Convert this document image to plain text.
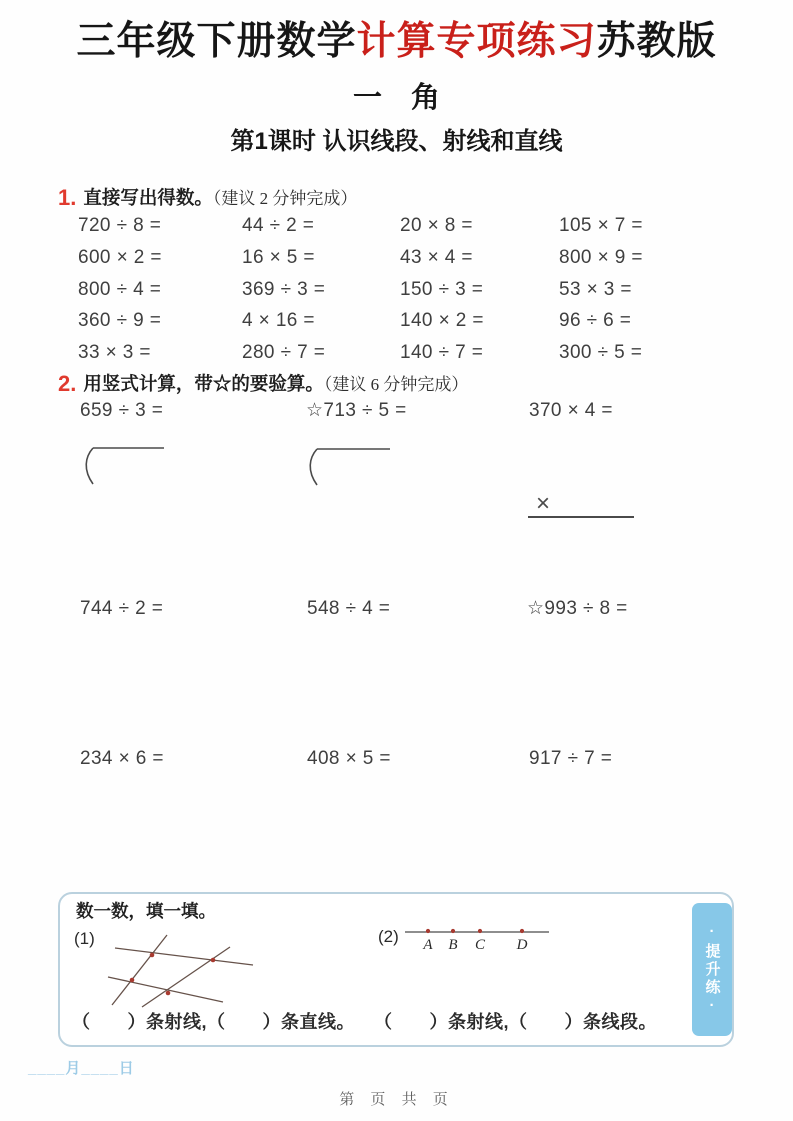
三年级下册数学计算专项练习苏教版
一　角
第1课时 认识线段、射线和直线
1. 直接写出得数。（建议 2 分钟完成）
720 ÷ 8 =	44 ÷ 2 =	20 × 8 =	105 × 7 =
600 × 2 =	16 × 5 =	43 × 4 =	800 × 9 =
800 ÷ 4 =	369 ÷ 3 =	150 ÷ 3 =	53 × 3 =
360 ÷ 9 =	4 × 16 =	140 × 2 =	96 ÷ 6 =
33 × 3 =	280 ÷ 7 =	140 ÷ 7 =	300 ÷ 5 =
2. 用竖式计算，带☆的要验算。（建议 6 分钟完成）
659 ÷ 3 =	☆713 ÷ 5 =	370 × 4 =
×
744 ÷ 2 =	548 ÷ 4 =	☆993 ÷ 8 =
234 × 6 =	408 × 5 =	917 ÷ 7 =
数一数，填一填。
(1)	(2) A B C D
（　　）条射线,（　　）条直线。 （　　）条射线,（　　）条线段。
·提升练·
____月____日
第 页 共 页
